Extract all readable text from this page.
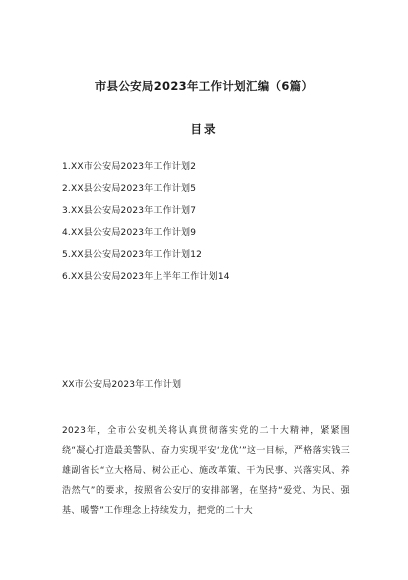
市县公安局2023年工作计划汇编（6篇）
目录
1.XX市公安局2023年工作计划2
2.XX县公安局2023年工作计划5
3.XX县公安局2023年工作计划7
4.XX县公安局2023年工作计划9
5.XX县公安局2023年工作计划12
6.XX县公安局2023年上半年工作计划14
XX市公安局2023年工作计划

2023年，全市公安机关将认真贯彻落实党的二十大精神，紧紧围绕“凝心打造最美警队、奋力实现平安‘龙优’”这一目标，严格落实钱三雄副省长“立大格局、树公正心、施改革策、干为民事、兴落实风、养浩然气”的要求，按照省公安厅的安排部署，在坚持“爱党、为民、强基、暖警”工作理念上持续发力，把党的二十大
